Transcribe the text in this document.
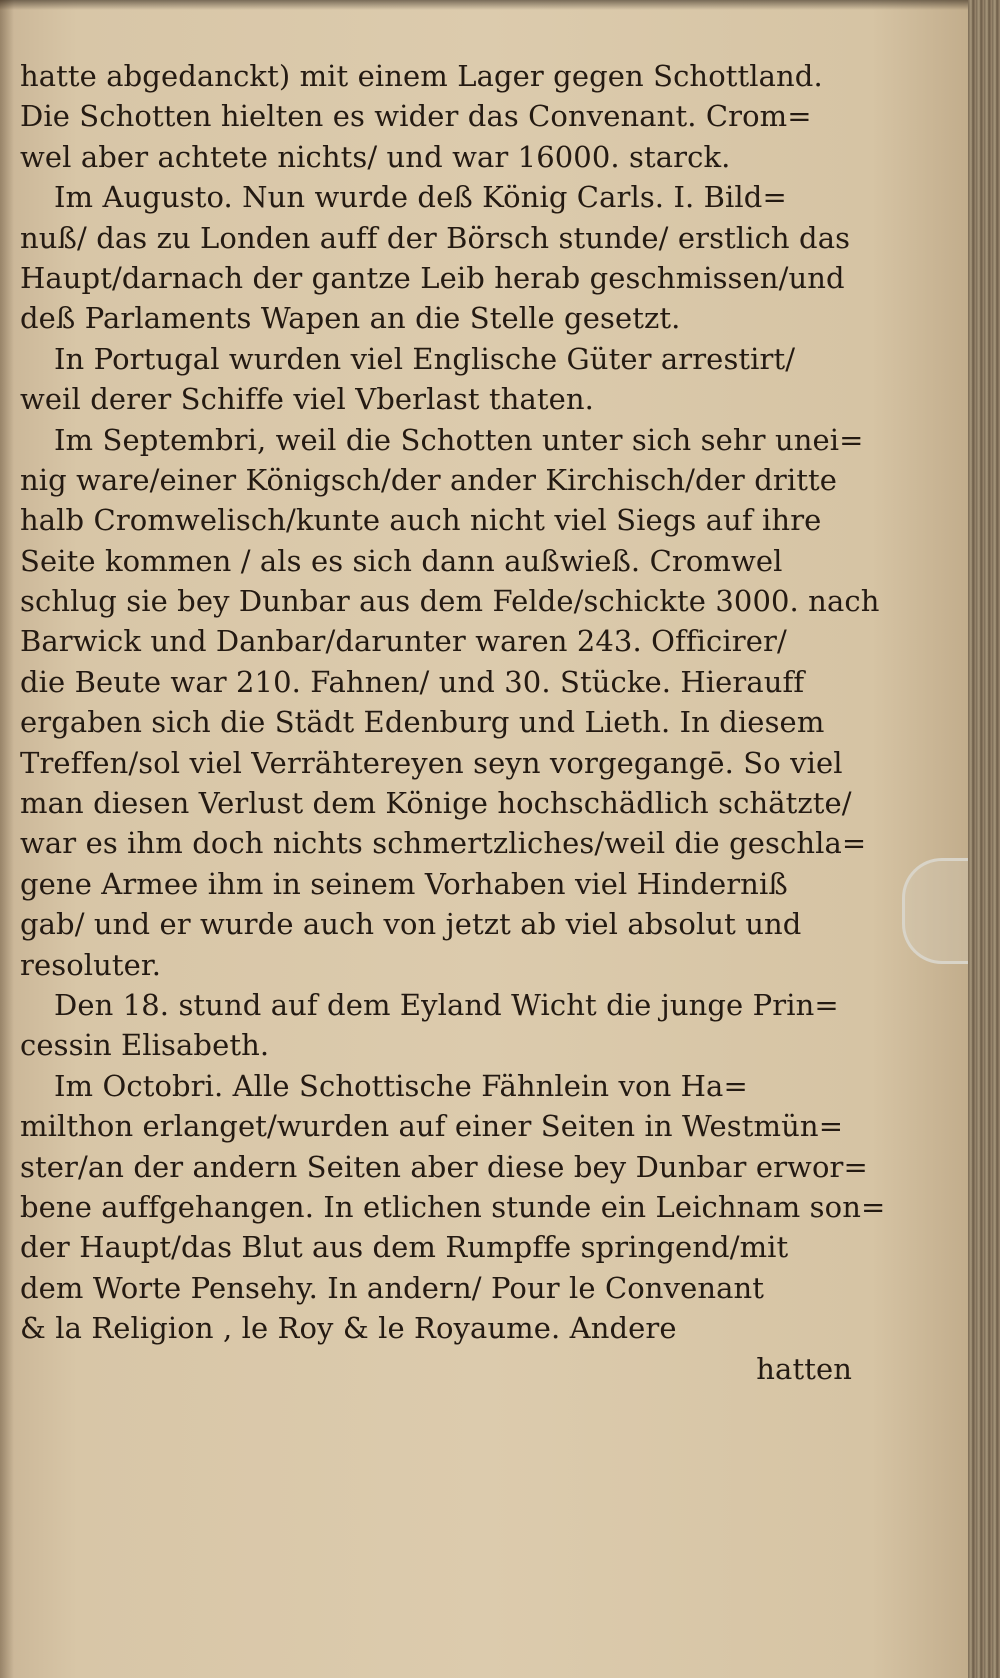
hatte abgedanckt) mit einem Lager gegen Schottland.
Die Schotten hielten es wider das Convenant. Crom=
wel aber achtete nichts/ und war 16000. starck.
Im Augusto. Nun wurde deß König Carls. I. Bild=
nuß/ das zu Londen auff der Börsch stunde/ erstlich das
Haupt/darnach der gantze Leib herab geschmissen/und
deß Parlaments Wapen an die Stelle gesetzt.
In Portugal wurden viel Englische Güter arrestirt/
weil derer Schiffe viel Vberlast thaten.
Im Septembri, weil die Schotten unter sich sehr unei=
nig ware/einer Königsch/der ander Kirchisch/der dritte
halb Cromwelisch/kunte auch nicht viel Siegs auf ihre
Seite kommen / als es sich dann außwieß. Cromwel
schlug sie bey Dunbar aus dem Felde/schickte 3000. nach
Barwick und Danbar/darunter waren 243. Officirer/
die Beute war 210. Fahnen/ und 30. Stücke. Hierauff
ergaben sich die Städt Edenburg und Lieth. In diesem
Treffen/sol viel Verrähtereyen seyn vorgegangē. So viel
man diesen Verlust dem Könige hochschädlich schätzte/
war es ihm doch nichts schmertzliches/weil die geschla=
gene Armee ihm in seinem Vorhaben viel Hinderniß
gab/ und er wurde auch von jetzt ab viel absolut und
resoluter.
Den 18. stund auf dem Eyland Wicht die junge Prin=
cessin Elisabeth.
Im Octobri. Alle Schottische Fähnlein von Ha=
milthon erlanget/wurden auf einer Seiten in Westmün=
ster/an der andern Seiten aber diese bey Dunbar erwor=
bene auffgehangen. In etlichen stunde ein Leichnam son=
der Haupt/das Blut aus dem Rumpffe springend/mit
dem Worte Pensehy. In andern/ Pour le Convenant
& la Religion , le Roy & le Royaume. Andere
hatten
